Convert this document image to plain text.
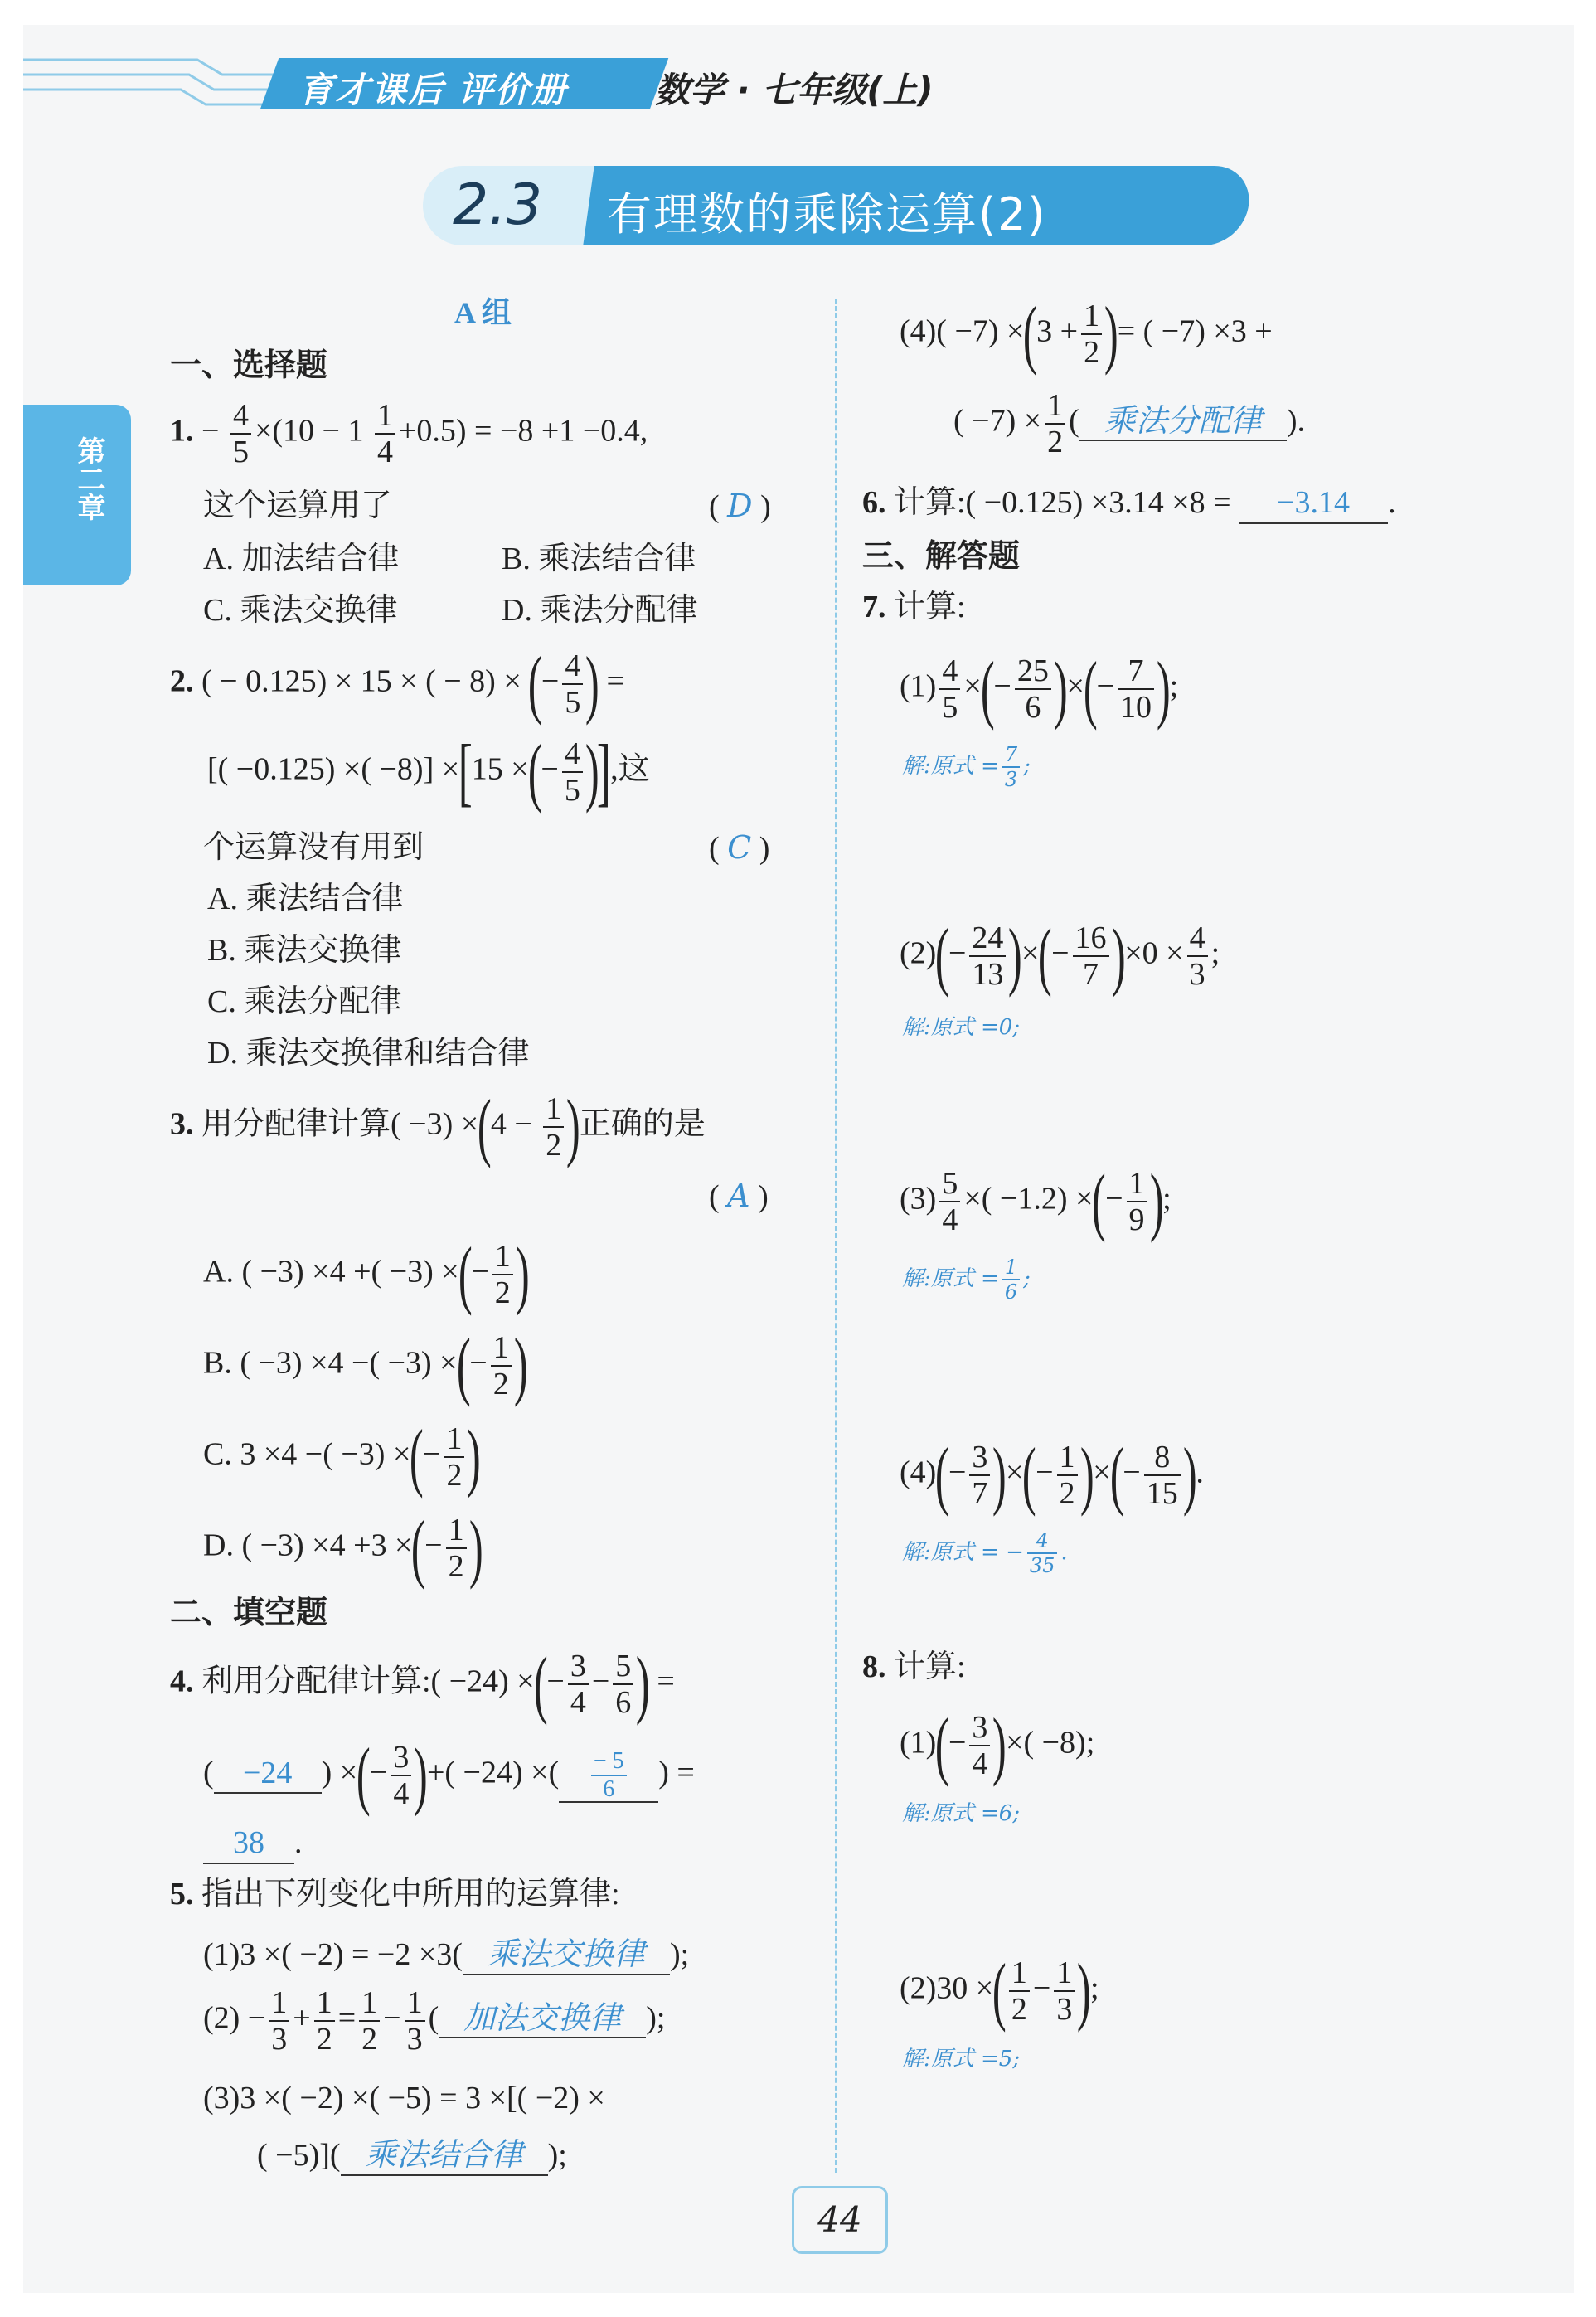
育才课后 评价册	数学 · 七年级(上)
第二章
2.3 有理数的乘除运算(2)
A 组
一、选择题
1. − $\frac{4}{5} \times(10 - 1 \frac{1}{4} +0.5) = -8 +1 -0.4$,
这个运算用了	( D )
A. 加法结合律	B. 乘法结合律
C. 乘法交换律	D. 乘法分配律
2. ( − 0.125) × 15 × ( − 8) × (− $\frac{4}{5}$ ) =
[( −0.125) ×( −8)] ×[15 ×(− $\frac{4}{5}$ )],这
个运算没有用到	( C )
A. 乘法结合律
B. 乘法交换律
C. 乘法分配律
D. 乘法交换律和结合律
3. 用分配律计算( $-3) \times(4 - \frac{1}{2}$ )正确的是
( A )
A. ( −3) ×4 +( −3) ×(− $\frac{1}{2}$ )
B. ( −3) ×4 −( −3) ×(− $\frac{1}{2}$ )
C. 3 ×4 −( −3) ×(− $\frac{1}{2}$ )
D. ( −3) ×4 +3 ×(− $\frac{1}{2}$ )
二、填空题
4. 利用分配律计算:( −24) ×(− $\frac{3}{4} - \frac{5}{6}$ ) =
( −24 ) ×(− $\frac{3}{4}$ )+( −24) ×( $\frac{- 5}{6}$ ) =
38 .
5. 指出下列变化中所用的运算律:
(1)3 ×( −2) = −2 ×3( 乘法交换律 );
$(2) - \frac{1}{3} + \frac{1}{2} = \frac{1}{2} - \frac{1}{3}$ ( 加法交换律 );
(3)3 ×( −2) ×( −5) = 3 ×[( −2) ×
( −5)]( 乘法结合律 );
$(4)( -7) \times(3 + \frac{1}{2}$ )= ( −7) ×3 +
( $-7) \times \frac{1}{2}$ ( 乘法分配律 ).
6. 计算:( −0.125) ×3.14 ×8 = −3.14 .
三、解答题
7. 计算:
$(1) \frac{4}{5}$ ×(− $\frac{25}{6}$ )×(− $\frac{7}{10}$ );
解:原式 = $\frac{7}{3}$ ;
$(2)(- \frac{24}{13}$ )×(− $\frac{16}{7} )\times 0 \times \frac{4}{3}$ ;
解:原式 =0;
$(3) \frac{5}{4}$ ×( −1.2) ×(− $\frac{1}{9}$ );
解:原式 = $\frac{1}{6}$ ;
$(4)(- \frac{3}{7}$ )×(− $\frac{1}{2}$ )×(− $\frac{8}{15}$ ).
解:原式 = − $\frac{4}{35}$ .
8. 计算:
$(1)(- \frac{3}{4}$ )×( −8);
解:原式 =6;
(2)30 ×( $\frac{1}{2} - \frac{1}{3}$ );
解:原式 =5;
44
